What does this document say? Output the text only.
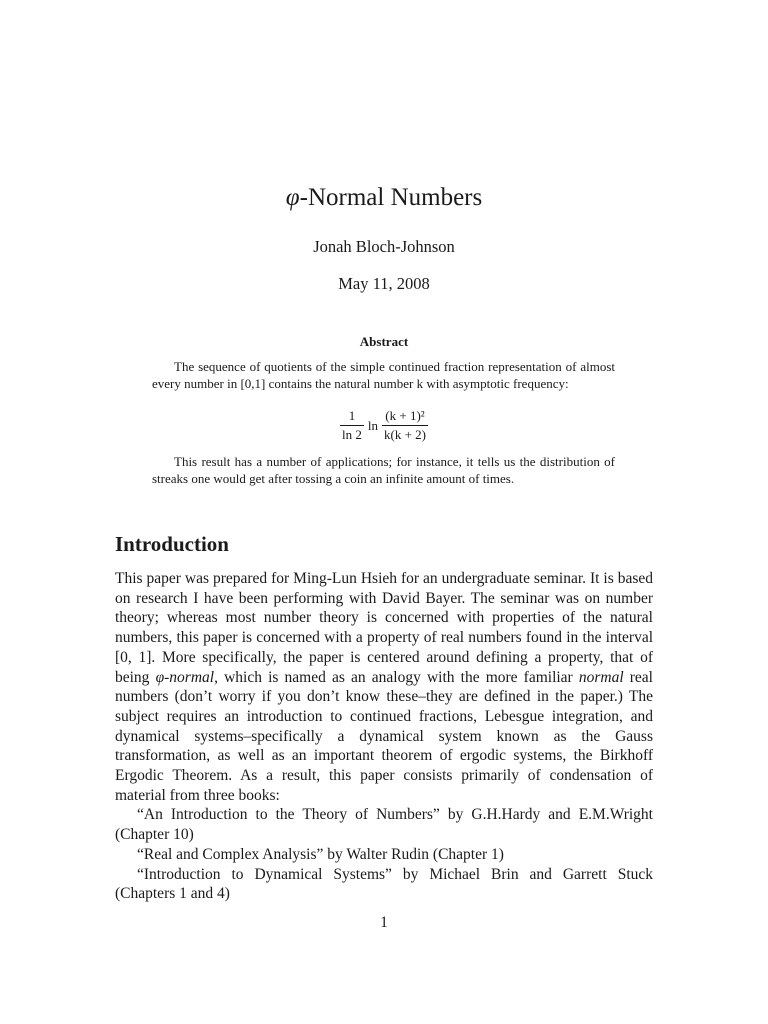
φ-Normal Numbers
Jonah Bloch-Johnson
May 11, 2008
Abstract

The sequence of quotients of the simple continued fraction representation of almost every number in [0,1] contains the natural number k with asymptotic frequency:

$\frac{1}{\ln 2}$ $\ln \frac{\text{(k + 1)²}}{k(k + 2)}$

This result has a number of applications; for instance, it tells us the distribution of streaks one would get after tossing a coin an infinite amount of times.

Introduction

This paper was prepared for Ming-Lun Hsieh for an undergraduate seminar. It is based on research I have been performing with David Bayer. The seminar was on number theory; whereas most number theory is concerned with properties of the natural numbers, this paper is concerned with a property of real numbers found in the interval [0, 1]. More specifically, the paper is centered around defining a property, that of being φ-normal, which is named as an analogy with the more familiar normal real numbers (don’t worry if you don’t know these–they are defined in the paper.) The subject requires an introduction to continued fractions, Lebesgue integration, and dynamical systems–specifically a dynamical system known as the Gauss transformation, as well as an important theorem of ergodic systems, the Birkhoff Ergodic Theorem. As a result, this paper consists primarily of condensation of material from three books:

“An Introduction to the Theory of Numbers” by G.H.Hardy and E.M.Wright (Chapter 10)

“Real and Complex Analysis” by Walter Rudin (Chapter 1)

“Introduction to Dynamical Systems” by Michael Brin and Garrett Stuck (Chapters 1 and 4)

1
